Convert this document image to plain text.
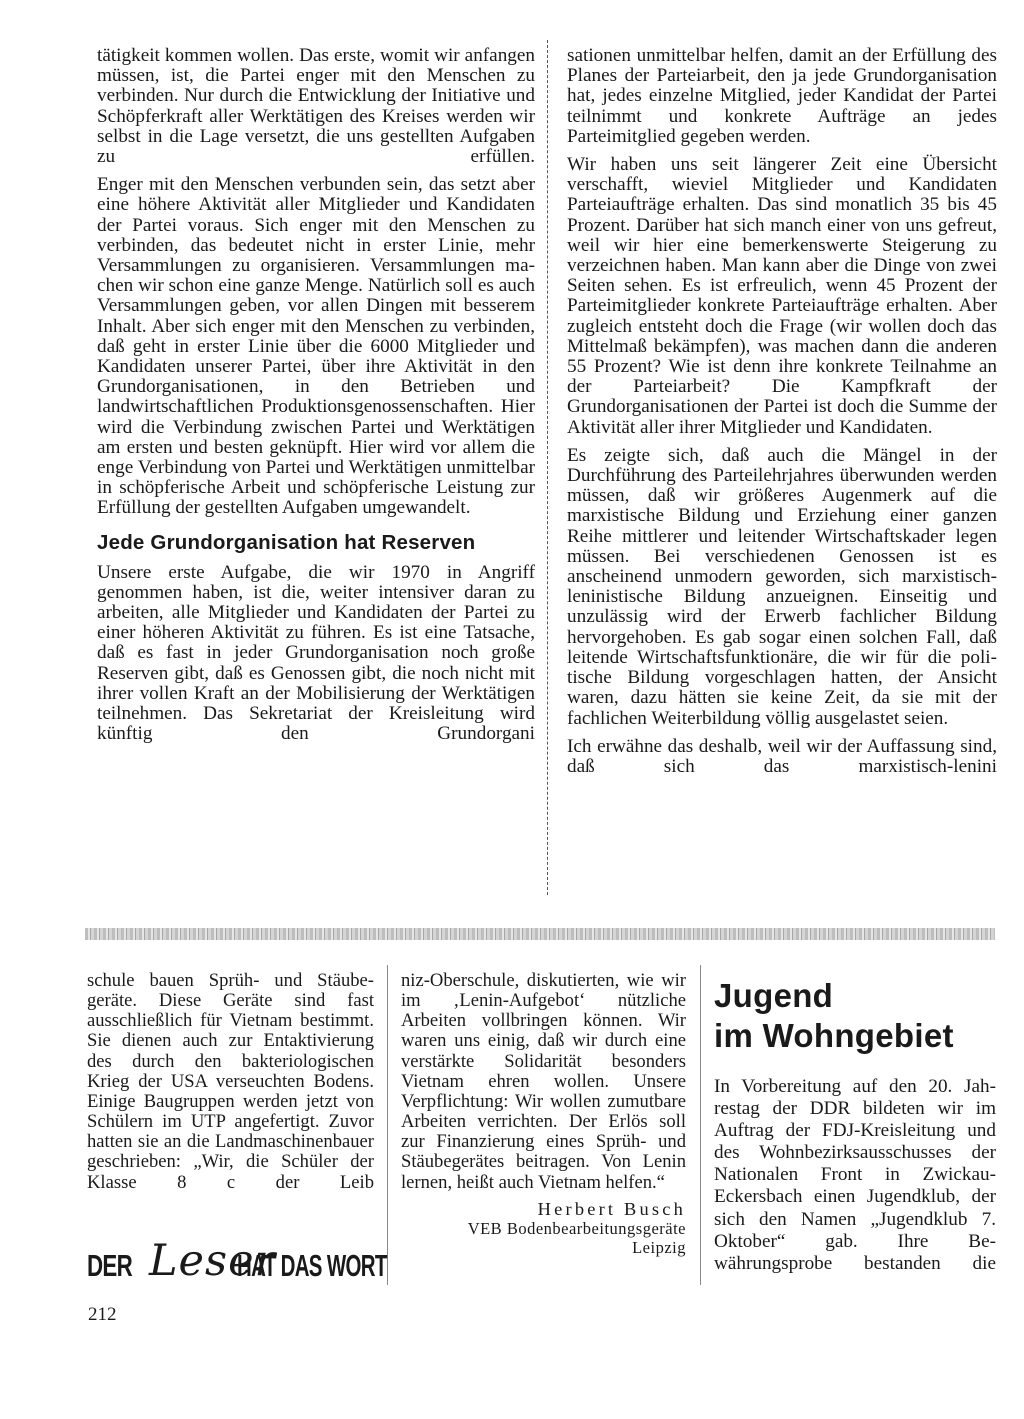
tätigkeit kommen wollen. Das erste, womit wir anfangen müssen, ist, die Partei enger mit den Menschen zu verbinden. Nur durch die Entwicklung der Initiative und Schöpferkraft aller Werktätigen des Kreises werden wir selbst in die Lage versetzt, die uns gestellten Aufgaben zu erfüllen.

Enger mit den Menschen verbunden sein, das setzt aber eine höhere Aktivität aller Mitglieder und Kandidaten der Partei voraus. Sich enger mit den Menschen zu verbinden, das bedeutet nicht in erster Linie, mehr Versammlungen zu organisieren. Versammlungen machen wir schon eine ganze Menge. Natürlich soll es auch Versammlungen geben, vor allen Dingen mit besserem Inhalt. Aber sich enger mit den Menschen zu verbinden, daß geht in erster Linie über die 6000 Mitglieder und Kandidaten unserer Partei, über ihre Aktivität in den Grundorganisationen, in den Betrieben und landwirtschaftlichen Produktionsgenossenschaften. Hier wird die Verbindung zwischen Partei und Werktätigen am ersten und besten geknüpft. Hier wird vor allem die enge Verbindung von Partei und Werktätigen unmittelbar in schöpferische Arbeit und schöpferische Leistung zur Erfüllung der gestellten Aufgaben umgewandelt.

Jede Grundorganisation hat Reserven

Unsere erste Aufgabe, die wir 1970 in Angriff genommen haben, ist die, weiter intensiver daran zu arbeiten, alle Mitglieder und Kandidaten der Partei zu einer höheren Aktivität zu führen. Es ist eine Tatsache, daß es fast in jeder Grundorganisation noch große Reserven gibt, daß es Genossen gibt, die noch nicht mit ihrer vollen Kraft an der Mobilisierung der Werktätigen teilnehmen. Das Sekretariat der Kreisleitung wird künftig den Grundorgani

sationen unmittelbar helfen, damit an der Erfüllung des Planes der Parteiarbeit, den ja jede Grundorganisation hat, jedes einzelne Mitglied, jeder Kandidat der Partei teilnimmt und konkrete Aufträge an jedes Parteimitglied gegeben werden.

Wir haben uns seit längerer Zeit eine Übersicht verschafft, wieviel Mitglieder und Kandidaten Parteiaufträge erhalten. Das sind monatlich 35 bis 45 Prozent. Darüber hat sich manch einer von uns gefreut, weil wir hier eine bemerkenswerte Steigerung zu verzeichnen haben. Man kann aber die Dinge von zwei Seiten sehen. Es ist erfreulich, wenn 45 Prozent der Parteimitglieder konkrete Parteiaufträge erhalten. Aber zugleich entsteht doch die Frage (wir wollen doch das Mittelmaß bekämpfen), was machen dann die anderen 55 Prozent? Wie ist denn ihre konkrete Teilnahme an der Parteiarbeit? Die Kampfkraft der Grundorganisationen der Partei ist doch die Summe der Aktivität aller ihrer Mitglieder und Kandidaten.

Es zeigte sich, daß auch die Mängel in der Durchführung des Parteilehrjahres überwunden werden müssen, daß wir größeres Augenmerk auf die marxistische Bildung und Erziehung einer ganzen Reihe mittlerer und leitender Wirtschaftskader legen müssen. Bei verschiedenen Genossen ist es anscheinend unmodern geworden, sich marxistisch-leninistische Bildung anzueignen. Einseitig und unzulässig wird der Erwerb fachlicher Bildung hervorgehoben. Es gab sogar einen solchen Fall, daß leitende Wirtschaftsfunktionäre, die wir für die politische Bildung vorgeschlagen hatten, der Ansicht waren, dazu hätten sie keine Zeit, da sie mit der fachlichen Weiterbildung völlig ausgelastet seien.

Ich erwähne das deshalb, weil wir der Auffassung sind, daß sich das marxistisch-lenini

schule bauen Sprüh- und Stäubegeräte. Diese Geräte sind fast ausschließlich für Vietnam bestimmt. Sie dienen auch zur Entaktivierung des durch den bakteriologischen Krieg der USA verseuchten Bodens. Einige Baugruppen werden jetzt von Schülern im UTP angefertigt. Zuvor hatten sie an die Landmaschinenbauer geschrieben: „Wir, die Schüler der Klasse 8 c der Leib

niz-Oberschule, diskutierten, wie wir im ‚Lenin-Aufgebot‘ nützliche Arbeiten vollbringen können. Wir waren uns einig, daß wir durch eine verstärkte Solidarität besonders Vietnam ehren wollen. Unsere Verpflichtung: Wir wollen zumutbare Arbeiten verrichten. Der Erlös soll zur Finanzierung eines Sprüh- und Stäubegerätes beitragen. Von Lenin lernen, heißt auch Vietnam helfen.“

Herbert Busch
VEB Bodenbearbeitungsgeräte
Leipzig
Jugend
im Wohngebiet

In Vorbereitung auf den 20. Jahrestag der DDR bildeten wir im Auftrag der FDJ-Kreisleitung und des Wohnbezirksausschusses der Nationalen Front in Zwickau-Eckersbach einen Jugendklub, der sich den Namen „Jugendklub 7. Oktober“ gab. Ihre Bewährungsprobe bestanden die

DER Leser
HAT DAS WORT
212
